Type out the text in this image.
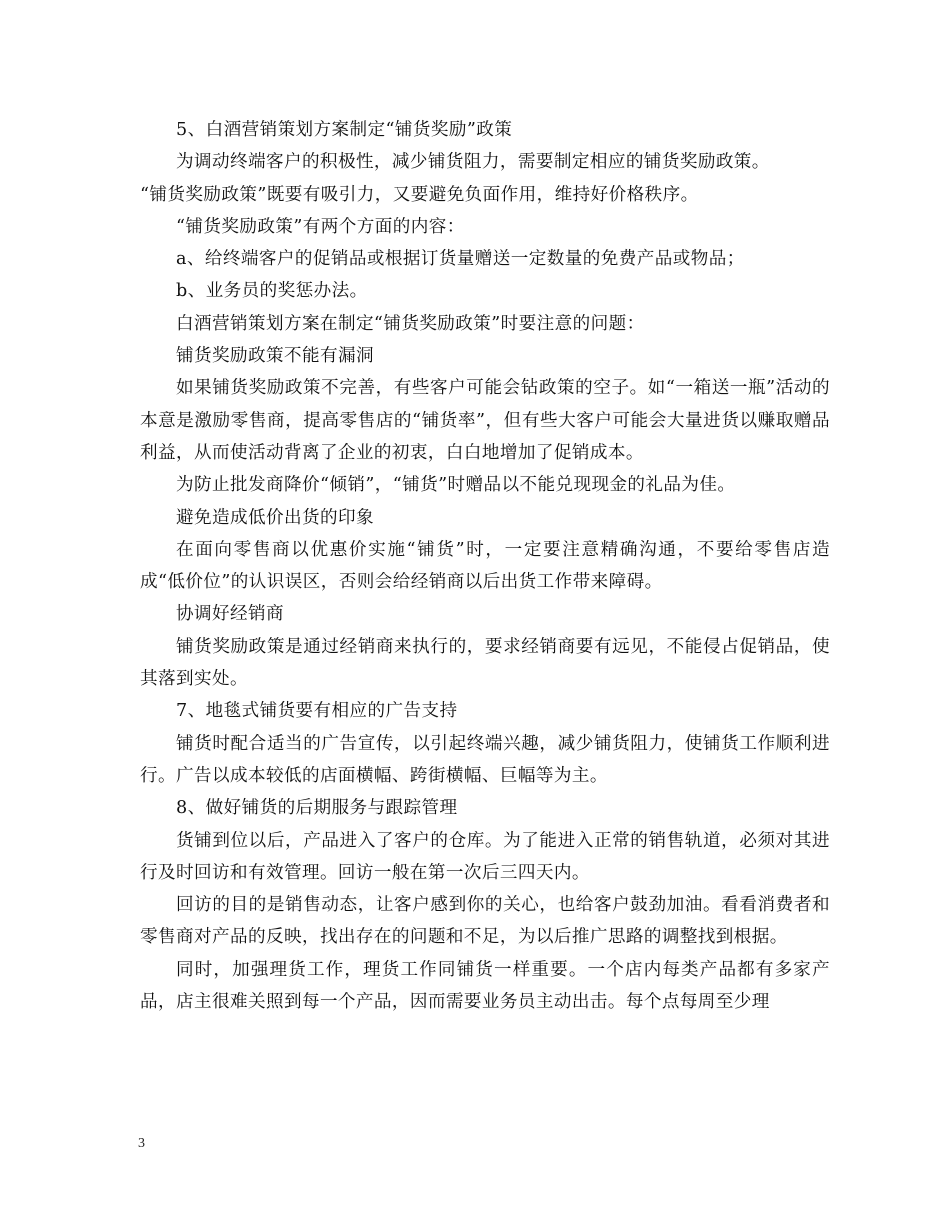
5、白酒营销策划方案制定“铺货奖励”政策

为调动终端客户的积极性，减少铺货阻力，需要制定相应的铺货奖励政策。

“铺货奖励政策”既要有吸引力，又要避免负面作用，维持好价格秩序。

“铺货奖励政策”有两个方面的内容：

a、给终端客户的促销品或根据订货量赠送一定数量的免费产品或物品；

b、业务员的奖惩办法。

白酒营销策划方案在制定“铺货奖励政策”时要注意的问题：

铺货奖励政策不能有漏洞

如果铺货奖励政策不完善，有些客户可能会钻政策的空子。如“一箱送一瓶”活动的本意是激励零售商，提高零售店的“铺货率”，但有些大客户可能会大量进货以赚取赠品利益，从而使活动背离了企业的初衷，白白地增加了促销成本。

为防止批发商降价“倾销”，“铺货”时赠品以不能兑现现金的礼品为佳。

避免造成低价出货的印象

在面向零售商以优惠价实施“铺货”时，一定要注意精确沟通，不要给零售店造成“低价位”的认识误区，否则会给经销商以后出货工作带来障碍。

协调好经销商

铺货奖励政策是通过经销商来执行的，要求经销商要有远见，不能侵占促销品，使其落到实处。

7、地毯式铺货要有相应的广告支持

铺货时配合适当的广告宣传，以引起终端兴趣，减少铺货阻力，使铺货工作顺利进行。广告以成本较低的店面横幅、跨街横幅、巨幅等为主。

8、做好铺货的后期服务与跟踪管理

货铺到位以后，产品进入了客户的仓库。为了能进入正常的销售轨道，必须对其进行及时回访和有效管理。回访一般在第一次后三四天内。

回访的目的是销售动态，让客户感到你的关心，也给客户鼓劲加油。看看消费者和零售商对产品的反映，找出存在的问题和不足，为以后推广思路的调整找到根据。

同时，加强理货工作，理货工作同铺货一样重要。一个店内每类产品都有多家产品，店主很难关照到每一个产品，因而需要业务员主动出击。每个点每周至少理

3
